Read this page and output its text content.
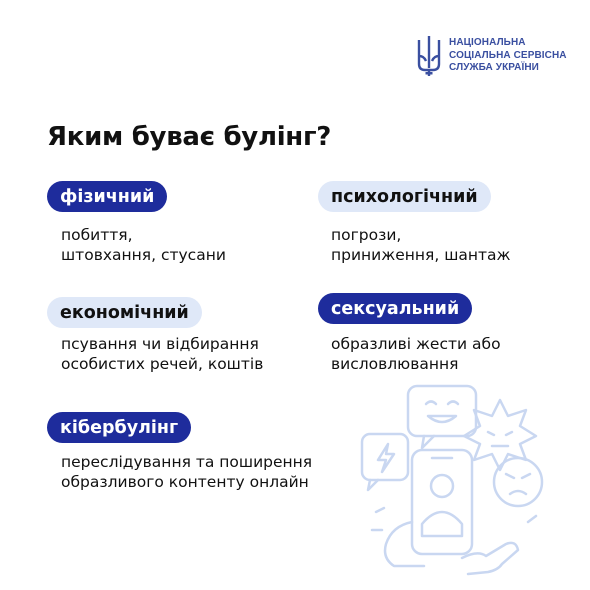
НАЦІОНАЛЬНА
СОЦІАЛЬНА СЕРВІСНА
СЛУЖБА УКРАЇНИ
Яким буває булінг?
фізичний
побиття,
штовхання, стусани
психологічний
погрози,
приниження, шантаж
економічний
псування чи відбирання
особистих речей, коштів
сексуальний
образливі жести або
висловлювання
кібербулінг
переслідування та поширення
образливого контенту онлайн
